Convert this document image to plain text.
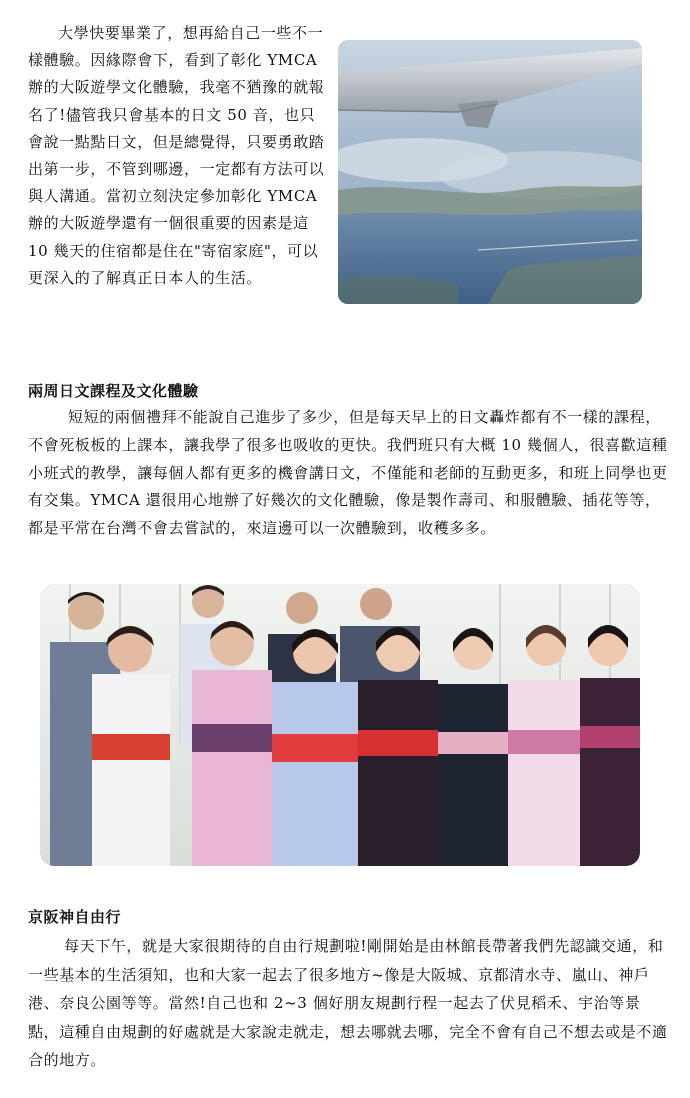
大學快要畢業了，想再給自己一些不一樣體驗。因緣際會下，看到了彰化 YMCA 辦的大阪遊學文化體驗，我毫不猶豫的就報名了!儘管我只會基本的日文 50 音，也只會說一點點日文，但是總覺得，只要勇敢踏出第一步，不管到哪邊，一定都有方法可以與人溝通。當初立刻決定參加彰化 YMCA 辦的大阪遊學還有一個很重要的因素是這 10 幾天的住宿都是住在"寄宿家庭"，可以更深入的了解真正日本人的生活。

兩周日文課程及文化體驗

短短的兩個禮拜不能說自己進步了多少，但是每天早上的日文轟炸都有不一樣的課程，不會死板板的上課本，讓我學了很多也吸收的更快。我們班只有大概 10 幾個人，很喜歡這種小班式的教學，讓每個人都有更多的機會講日文，不僅能和老師的互動更多，和班上同學也更有交集。YMCA 還很用心地辦了好幾次的文化體驗，像是製作壽司、和服體驗、插花等等，都是平常在台灣不會去嘗試的，來這邊可以一次體驗到，收穫多多。

京阪神自由行

每天下午，就是大家很期待的自由行規劃啦!剛開始是由林館長帶著我們先認識交通，和一些基本的生活須知，也和大家一起去了很多地方~像是大阪城、京都清水寺、嵐山、神戶港、奈良公園等等。當然!自己也和 2~3 個好朋友規劃行程一起去了伏見稻禾、宇治等景點，這種自由規劃的好處就是大家說走就走，想去哪就去哪，完全不會有自己不想去或是不適合的地方。
